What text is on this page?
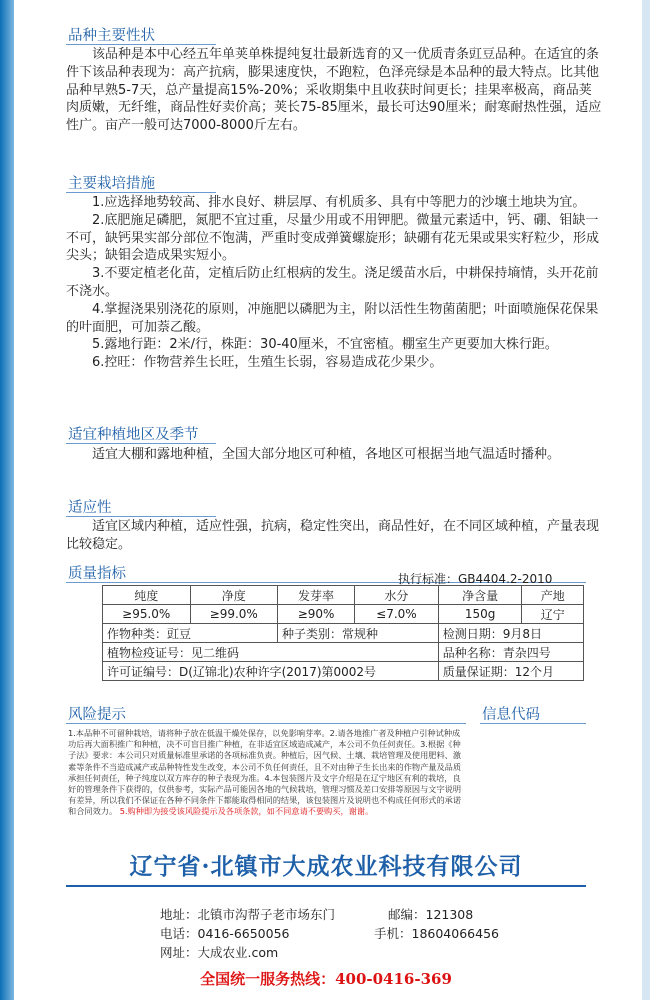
品种主要性状

该品种是本中心经五年单荚单株提纯复壮最新选育的又一优质青条豇豆品种。在适宜的条件下该品种表现为：高产抗病，膨果速度快，不跑粒，色泽亮绿是本品种的最大特点。比其他品种早熟5-7天，总产量提高15%-20%；采收期集中且收获时间更长；挂果率极高，商品荚肉质嫩，无纤维，商品性好卖价高；荚长75-85厘米，最长可达90厘米；耐寒耐热性强，适应性广。亩产一般可达7000-8000斤左右。

主要栽培措施

1.应选择地势较高、排水良好、耕层厚、有机质多、具有中等肥力的沙壤土地块为宜。

2.底肥施足磷肥，氮肥不宜过重，尽量少用或不用钾肥。微量元素适中，钙、硼、钼缺一不可，缺钙果实部分部位不饱满，严重时变成弹簧螺旋形；缺硼有花无果或果实籽粒少，形成尖头；缺钼会造成果实短小。

3.不要定植老化苗，定植后防止红根病的发生。浇足缓苗水后，中耕保持墒情，头开花前不浇水。

4.掌握浇果别浇花的原则，冲施肥以磷肥为主，附以活性生物菌菌肥；叶面喷施保花保果的叶面肥，可加萘乙酸。

5.露地行距：2米/行，株距：30-40厘米，不宜密植。棚室生产更要加大株行距。

6.控旺：作物营养生长旺，生殖生长弱，容易造成花少果少。

适宜种植地区及季节

适宜大棚和露地种植，全国大部分地区可种植，各地区可根据当地气温适时播种。

适应性

适宜区域内种植，适应性强，抗病，稳定性突出，商品性好，在不同区域种植，产量表现比较稳定。

质量指标	执行标准：GB4404.2-2010
纯度	净度	发芽率	水分	净含量	产地
≥95.0%	≥99.0%	≥90%	≤7.0%	150g	辽宁
作物种类：豇豆		种子类别：常规种		检测日期：9月8日	
植物检疫证号：见二维码				品种名称：青杂四号	
许可证编号：D(辽锦北)农种许字(2017)第0002号				质量保证期：12个月	
风险提示
1.本品种不可留种栽培，请将种子放在低温干燥处保存，以免影响芽率。2.请各地推广者及种植户引种试种成功后再大面积推广和种植，决不可盲目推广种植，在非适宜区域造成减产，本公司不负任何责任。3.根据《种子法》要求：本公司只对质量标准里承诺的各项标准负责。种植后，因气候、土壤、栽培管理及使用肥料、激素等条件不当造成减产或品种特性发生改变，本公司不负任何责任，且不对由种子生长出来的作物产量及品质承担任何责任，种子纯度以双方库存的种子表现为准。4.本包装图片及文字介绍是在辽宁地区有利的栽培，良好的管理条件下获得的，仅供参考，实际产品可能因各地的气候栽培，管理习惯及差口安排等原因与文字说明有差异，所以我们不保证在各种不同条件下都能取得相同的结果，该包装图片及说明也不构成任何形式的承诺和合同效力。 5.购种即为接受该风险提示及各项条款，如不同意请不要购买，谢谢。
信息代码
辽宁省·北镇市大成农业科技有限公司
地址：北镇市沟帮子老市场东门	邮编：121308
电话：0416-6650056	手机：18604066456
网址：大成农业.com
全国统一服务热线：400-0416-369
